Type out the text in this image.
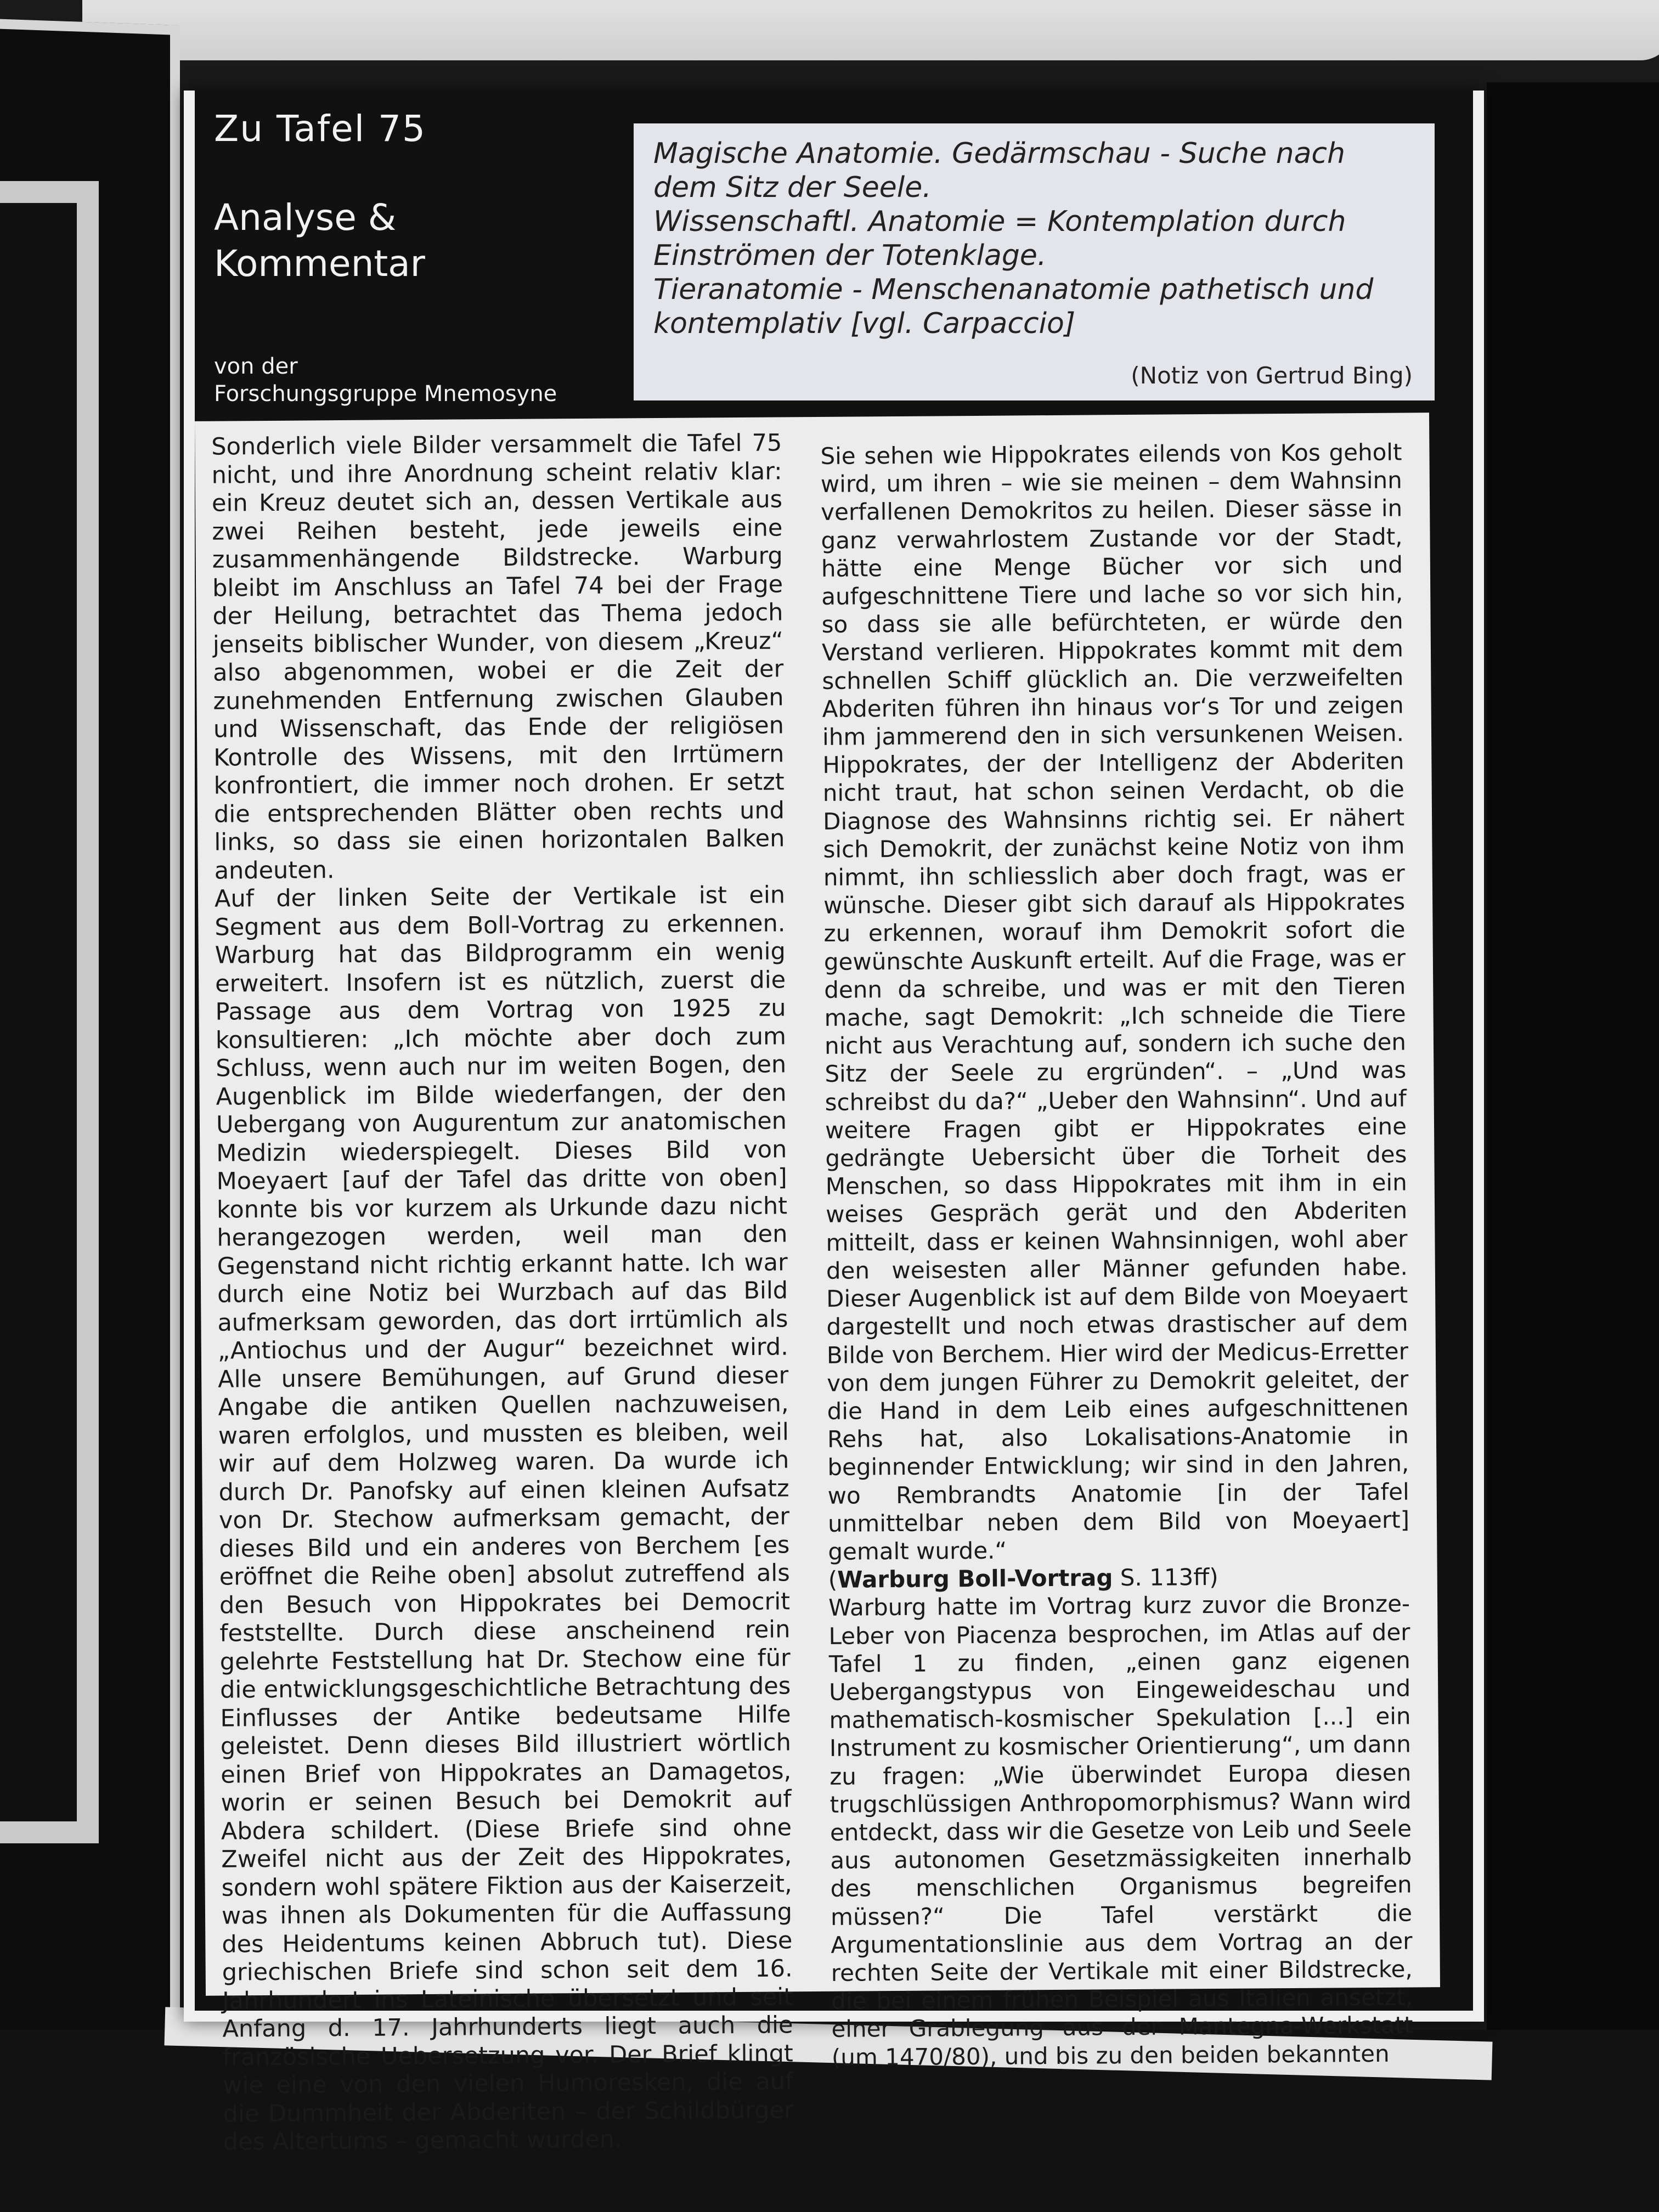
Zu Tafel 75
Analyse & Kommentar
von der
Forschungsgruppe Mnemosyne

Magische Anatomie. Gedärmschau - Suche nach dem Sitz der Seele.

Wissenschaftl. Anatomie = Kontemplation durch Einströmen der Totenklage.

Tieranatomie - Menschenanatomie pathetisch und kontemplativ [vgl. Carpaccio]

(Notiz von Gertrud Bing)

Sonderlich viele Bilder versammelt die Tafel 75 nicht, und ihre Anordnung scheint relativ klar: ein Kreuz deutet sich an, dessen Vertikale aus zwei Reihen besteht, jede jeweils eine zusammenhängende Bildstrecke. Warburg bleibt im Anschluss an Tafel 74 bei der Frage der Heilung, betrachtet das Thema jedoch jenseits biblischer Wunder, von diesem „Kreuz“ also abgenommen, wobei er die Zeit der zunehmenden Entfernung zwischen Glauben und Wissenschaft, das Ende der religiösen Kontrolle des Wissens, mit den Irrtümern konfrontiert, die immer noch drohen. Er setzt die entsprechenden Blätter oben rechts und links, so dass sie einen horizontalen Balken andeuten.

Auf der linken Seite der Vertikale ist ein Segment aus dem Boll-Vortrag zu erkennen. Warburg hat das Bildprogramm ein wenig erweitert. Insofern ist es nützlich, zuerst die Passage aus dem Vortrag von 1925 zu konsultieren: „Ich möchte aber doch zum Schluss, wenn auch nur im weiten Bogen, den Augenblick im Bilde wiederfangen, der den Uebergang von Augurentum zur anatomischen Medizin wiederspiegelt. Dieses Bild von Moeyaert [auf der Tafel das dritte von oben] konnte bis vor kurzem als Urkunde dazu nicht herangezogen werden, weil man den Gegenstand nicht richtig erkannt hatte. Ich war durch eine Notiz bei Wurzbach auf das Bild aufmerksam geworden, das dort irrtümlich als „Antiochus und der Augur“ bezeichnet wird. Alle unsere Bemühungen, auf Grund dieser Angabe die antiken Quellen nachzuweisen, waren erfolglos, und mussten es bleiben, weil wir auf dem Holzweg waren. Da wurde ich durch Dr. Panofsky auf einen kleinen Aufsatz von Dr. Stechow aufmerksam gemacht, der dieses Bild und ein anderes von Berchem [es eröffnet die Reihe oben] absolut zutreffend als den Besuch von Hippokrates bei Democrit feststellte. Durch diese anscheinend rein gelehrte Feststellung hat Dr. Stechow eine für die entwicklungsgeschichtliche Betrachtung des Einflusses der Antike bedeutsame Hilfe geleistet. Denn dieses Bild illustriert wörtlich einen Brief von Hippokrates an Damagetos, worin er seinen Besuch bei Demokrit auf Abdera schildert. (Diese Briefe sind ohne Zweifel nicht aus der Zeit des Hippokrates, sondern wohl spätere Fiktion aus der Kaiserzeit, was ihnen als Dokumenten für die Auffassung des Heidentums keinen Abbruch tut). Diese griechischen Briefe sind schon seit dem 16. Jahrhundert ins Lateinische übersetzt und seit Anfang d. 17. Jahrhunderts liegt auch die französische Uebersetzung vor. Der Brief klingt wie eine von den vielen Humoresken, die auf die Dummheit der Abderiten – der Schildbürger des Altertums – gemacht wurden.

Sie sehen wie Hippokrates eilends von Kos geholt wird, um ihren – wie sie meinen – dem Wahnsinn verfallenen Demokritos zu heilen. Dieser sässe in ganz verwahrlostem Zustande vor der Stadt, hätte eine Menge Bücher vor sich und aufgeschnittene Tiere und lache so vor sich hin, so dass sie alle befürchteten, er würde den Verstand verlieren. Hippokrates kommt mit dem schnellen Schiff glücklich an. Die verzweifelten Abderiten führen ihn hinaus vor‘s Tor und zeigen ihm jammerend den in sich versunkenen Weisen. Hippokrates, der der Intelligenz der Abderiten nicht traut, hat schon seinen Verdacht, ob die Diagnose des Wahnsinns richtig sei. Er nähert sich Demokrit, der zunächst keine Notiz von ihm nimmt, ihn schliesslich aber doch fragt, was er wünsche. Dieser gibt sich darauf als Hippokrates zu erkennen, worauf ihm Demokrit sofort die gewünschte Auskunft erteilt. Auf die Frage, was er denn da schreibe, und was er mit den Tieren mache, sagt Demokrit: „Ich schneide die Tiere nicht aus Verachtung auf, sondern ich suche den Sitz der Seele zu ergründen“. – „Und was schreibst du da?“ „Ueber den Wahnsinn“. Und auf weitere Fragen gibt er Hippokrates eine gedrängte Uebersicht über die Torheit des Menschen, so dass Hippokrates mit ihm in ein weises Gespräch gerät und den Abderiten mitteilt, dass er keinen Wahnsinnigen, wohl aber den weisesten aller Männer gefunden habe. Dieser Augenblick ist auf dem Bilde von Moeyaert dargestellt und noch etwas drastischer auf dem Bilde von Berchem. Hier wird der Medicus-Erretter von dem jungen Führer zu Demokrit geleitet, der die Hand in dem Leib eines aufgeschnittenen Rehs hat, also Lokalisations-Anatomie in beginnender Entwicklung; wir sind in den Jahren, wo Rembrandts Anatomie [in der Tafel unmittelbar neben dem Bild von Moeyaert] gemalt wurde.“

(Warburg Boll-Vortrag S. 113ff)

Warburg hatte im Vortrag kurz zuvor die Bronze-Leber von Piacenza besprochen, im Atlas auf der Tafel 1 zu finden, „einen ganz eigenen Uebergangstypus von Eingeweideschau und mathematisch-kosmischer Spekulation [...] ein Instrument zu kosmischer Orientierung“, um dann zu fragen: „Wie überwindet Europa diesen trugschlüssigen Anthropomorphismus? Wann wird entdeckt, dass wir die Gesetze von Leib und Seele aus autonomen Gesetzmässigkeiten innerhalb des menschlichen Organismus begreifen müssen?“ Die Tafel verstärkt die Argumentationslinie aus dem Vortrag an der rechten Seite der Vertikale mit einer Bildstrecke, die bei einem frühen Beispiel aus Italien ansetzt, einer Grablegung aus der Mantegna-Werkstatt (um 1470/80), und bis zu den beiden bekannten
